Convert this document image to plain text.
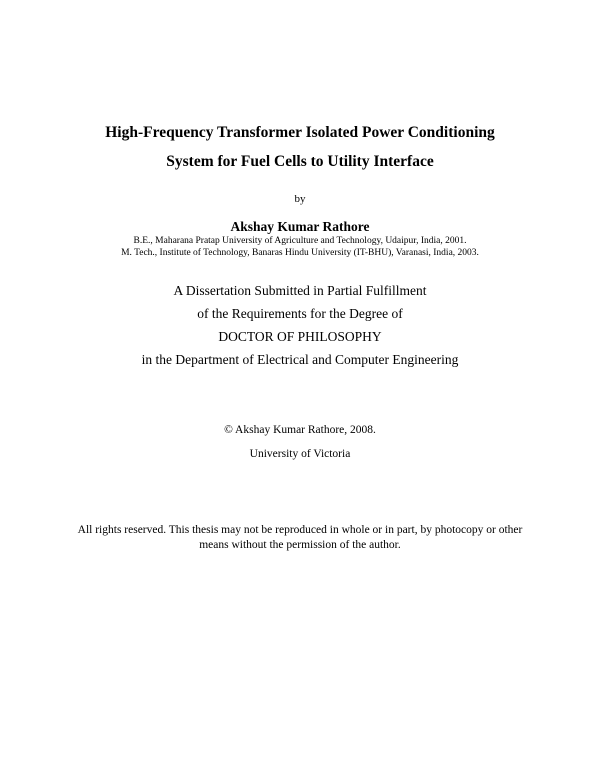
High-Frequency Transformer Isolated Power Conditioning
System for Fuel Cells to Utility Interface
by
Akshay Kumar Rathore
B.E., Maharana Pratap University of Agriculture and Technology, Udaipur, India, 2001.
M. Tech., Institute of Technology, Banaras Hindu University (IT-BHU), Varanasi, India, 2003.
A Dissertation Submitted in Partial Fulfillment
of the Requirements for the Degree of
DOCTOR OF PHILOSOPHY
in the Department of Electrical and Computer Engineering
© Akshay Kumar Rathore, 2008.
University of Victoria
All rights reserved. This thesis may not be reproduced in whole or in part, by photocopy or other
means without the permission of the author.
